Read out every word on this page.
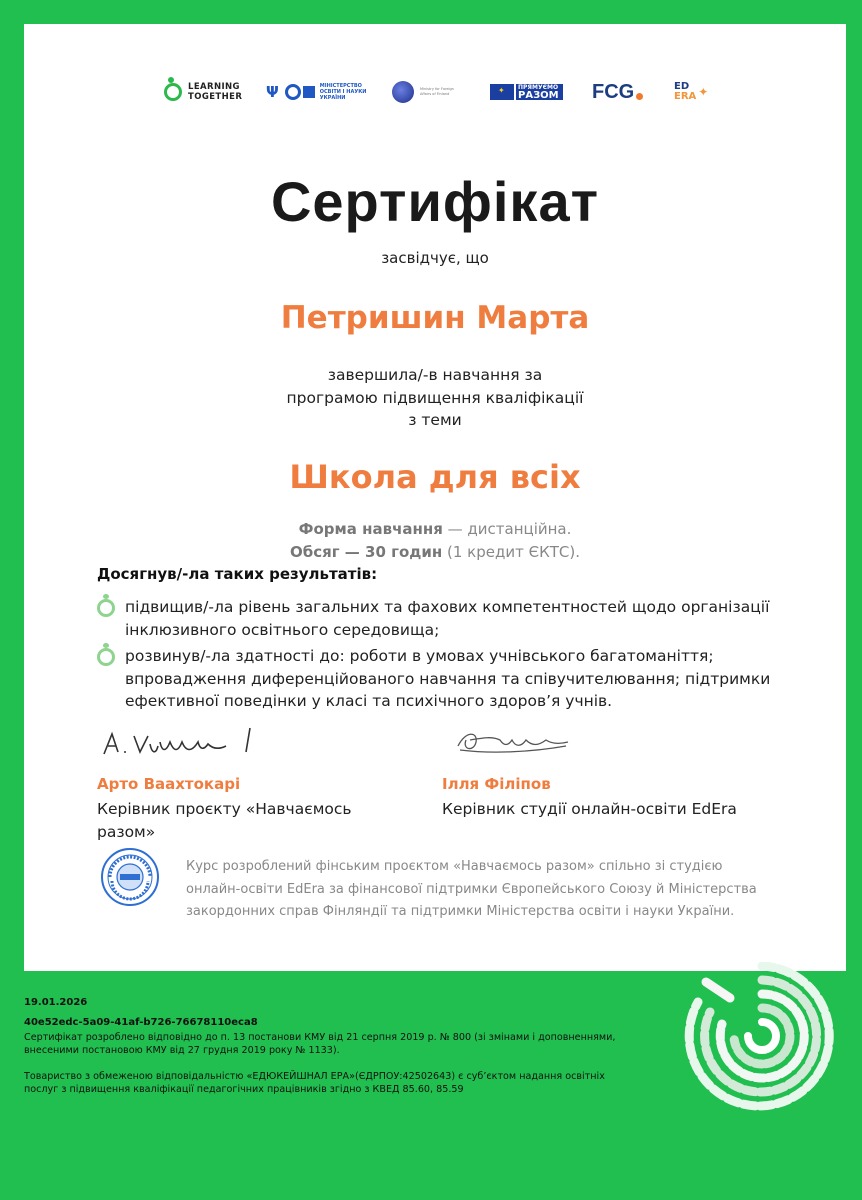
LEARNING
TOGETHER Ψ	МІНІСТЕРСТВО
ОСВІТИ І НАУКИ
УКРАЇНИ
Ministry for Foreign
Affairs of Finland
✦
ПРЯМУЄМО
РАЗОМ FCG	ED
ERA ✦
Сертифікат
засвідчує, що
Петришин Марта
завершила/-в навчання за
програмою підвищення кваліфікації
з теми
Школа для всіх
Форма навчання — дистанційна.
Обсяг — 30 годин (1 кредит ЄКТС).
Досягнув/-ла таких результатів:
підвищив/-ла рівень загальних та фахових компетентностей щодо організації інклюзивного освітнього середовища;
розвинув/-ла здатності до: роботи в умовах учнівського багатоманіття; впровадження диференційованого навчання та співучителювання; підтримки ефективної поведінки у класі та психічного здоров’я учнів.
Арто Ваахтокарі
Керівник проєкту «Навчаємось разом»
Ілля Філіпов
Керівник студії онлайн-освіти EdEra
Курс розроблений фінським проєктом «Навчаємось разом» спільно зі студією онлайн-освіти EdEra за фінансової підтримки Європейського Союзу й Міністерства закордонних справ Фінляндії та підтримки Міністерства освіти і науки України.
19.01.2026
40e52edc-5a09-41af-b726-76678110eca8
Сертифікат розроблено відповідно до п. 13 постанови КМУ від 21 серпня 2019 р. № 800 (зі змінами і доповненнями, внесеними постановою КМУ від 27 грудня 2019 року № 1133).
Товариство з обмеженою відповідальністю «ЕДЮКЕЙШНАЛ ЕРА»(ЄДРПОУ:42502643) є суб’єктом надання освітніх послуг з підвищення кваліфікації педагогічних працівників згідно з КВЕД 85.60, 85.59
